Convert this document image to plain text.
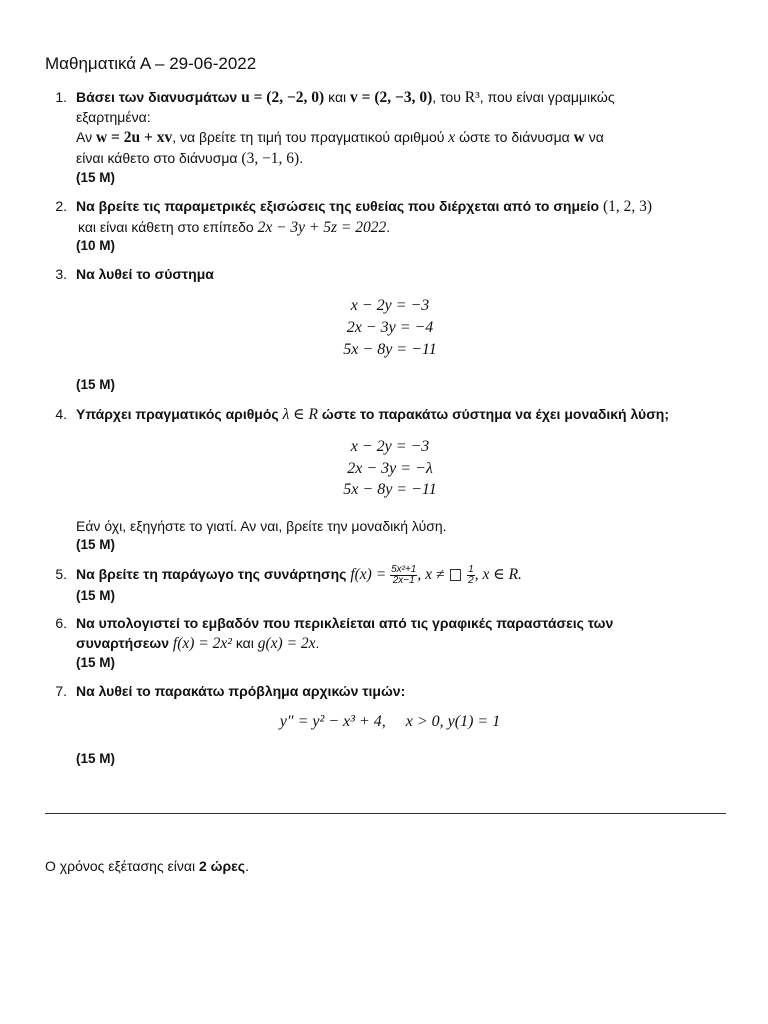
Μαθηματικά Α – 29-06-2022
1. Βάσει των διανυσμάτων u = (2, −2, 0) και v = (2, −3, 0), του R³, που είναι γραμμικώς
εξαρτημένα:
Αν w = 2u + xv, να βρείτε τη τιμή του πραγματικού αριθμού x ώστε το διάνυσμα w να
είναι κάθετο στο διάνυσμα (3, −1, 6).
(15 Μ)
2. Να βρείτε τις παραμετρικές εξισώσεις της ευθείας που διέρχεται από το σημείο (1, 2, 3)
και είναι κάθετη στο επίπεδο 2x − 3y + 5z = 2022.
(10 Μ)
3. Να λυθεί το σύστημα
x − 2y = −3
2x − 3y = −4
5x − 8y = −11
(15 Μ)
4. Υπάρχει πραγματικός αριθμός λ ∈ R ώστε το παρακάτω σύστημα να έχει μοναδική λύση;
x − 2y = −3
2x − 3y = −λ
5x − 8y = −11
Εάν όχι, εξηγήστε το γιατί. Αν ναι, βρείτε την μοναδική λύση.
(15 Μ)
5. Να βρείτε τη παράγωγο της συνάρτησης $f(x) = \frac{\text{5x²+1}}{2x-1}$ , $x \ne \frac{1}{2}$ , x ∈ R.
(15 Μ)
6. Να υπολογιστεί το εμβαδόν που περικλείεται από τις γραφικές παραστάσεις των
συναρτήσεων f(x) = 2x² και g(x) = 2x.
(15 Μ)
7. Να λυθεί το παρακάτω πρόβλημα αρχικών τιμών:
y″ = y² − x³ + 4, x > 0, y(1) = 1
(15 Μ)
Ο χρόνος εξέτασης είναι 2 ώρες.
